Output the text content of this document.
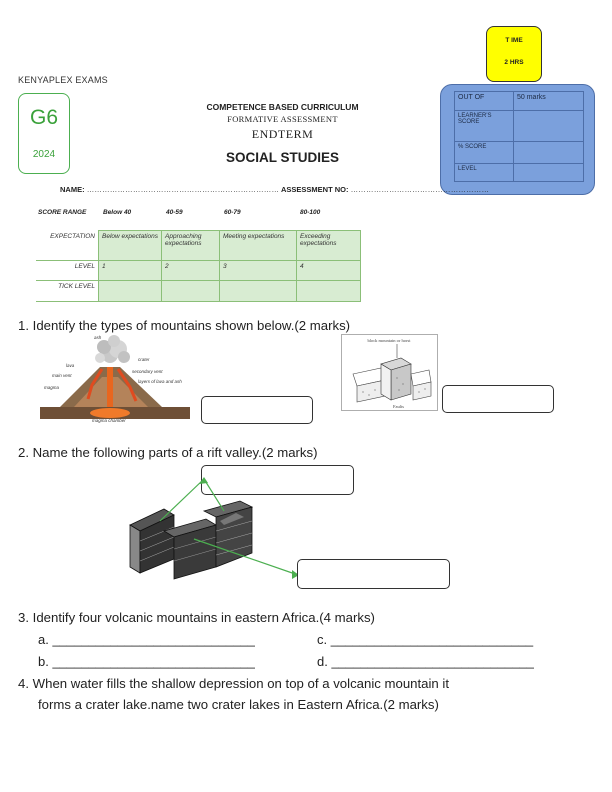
T IME
2 HRS
OUT OF	50 marks
LEARNER'S SCORE	
% SCORE	
LEVEL	
KENYAPLEX EXAMS
G6
2024
COMPETENCE BASED CURRICULUM
FORMATIVE ASSESSMENT
ENDTERM
SOCIAL STUDIES
NAME: ………………………………………………………………… ASSESSMENT NO: ………………………………………………
SCORE RANGE	Below 40	40-59	60-79	80-100
EXPECTATION	Below expectations	Approaching expectations	Meeting expectations	Exceeding expectations
LEVEL	1	2	3	4
TICK LEVEL				
1. Identify the types of mountains shown below.(2 marks)
ash
crater
lava
secondary vent
main vent
layers of lava and ash
magma
magma chamber
block mountain or horst
Faults
2. Name the following parts of a rift valley.(2 marks)
3. Identify four volcanic mountains in eastern Africa.(4 marks)
a. ____________________________	c. ____________________________
b. ____________________________	d. ____________________________
4. When water fills the shallow depression on top of a volcanic mountain it
forms a crater lake.name two crater lakes in Eastern Africa.(2 marks)
